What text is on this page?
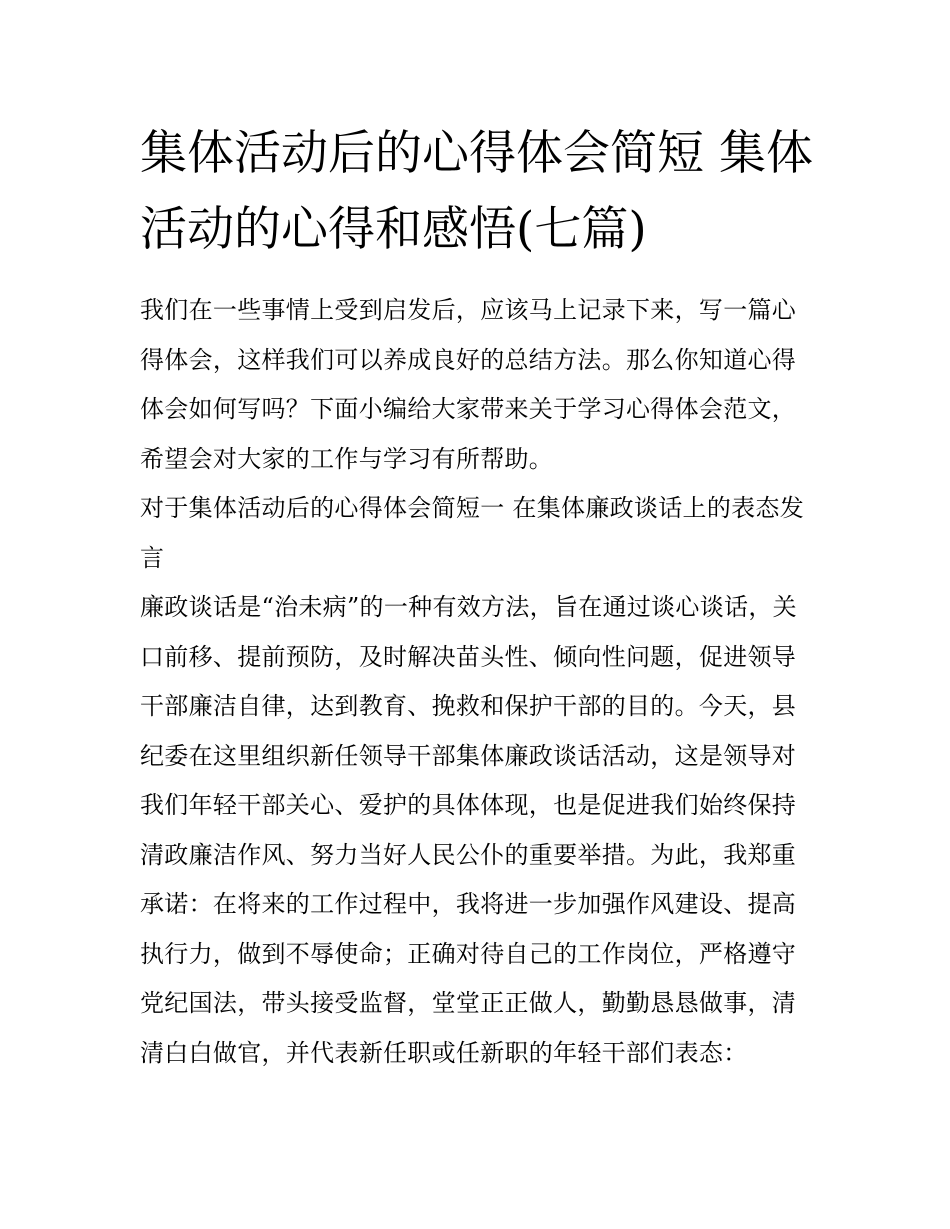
集体活动后的心得体会简短 集体活动的心得和感悟(七篇)

我们在一些事情上受到启发后，应该马上记录下来，写一篇心得体会，这样我们可以养成良好的总结方法。那么你知道心得体会如何写吗？下面小编给大家带来关于学习心得体会范文，希望会对大家的工作与学习有所帮助。

对于集体活动后的心得体会简短一 在集体廉政谈话上的表态发言

廉政谈话是“治未病”的一种有效方法，旨在通过谈心谈话，关口前移、提前预防，及时解决苗头性、倾向性问题，促进领导干部廉洁自律，达到教育、挽救和保护干部的目的。今天，县纪委在这里组织新任领导干部集体廉政谈话活动，这是领导对我们年轻干部关心、爱护的具体体现，也是促进我们始终保持清政廉洁作风、努力当好人民公仆的重要举措。为此，我郑重承诺：在将来的工作过程中，我将进一步加强作风建设、提高执行力，做到不辱使命；正确对待自己的工作岗位，严格遵守党纪国法，带头接受监督，堂堂正正做人，勤勤恳恳做事，清清白白做官，并代表新任职或任新职的年轻干部们表态：
